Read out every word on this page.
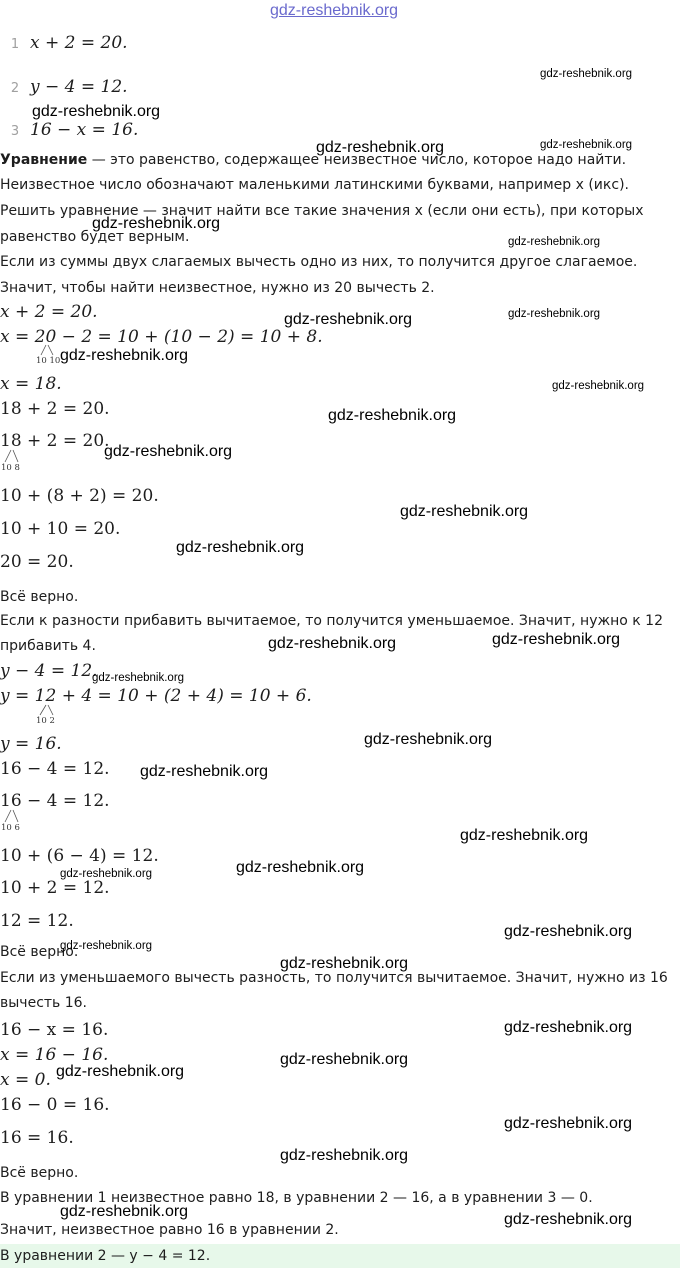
1 x + 2 = 20.
2 y − 4 = 12.
3 16 − x = 16.
Уравнение — это равенство, содержащее неизвестное число, которое надо найти.
Неизвестное число обозначают маленькими латинскими буквами, например x (икс).
Решить уравнение — значит найти все такие значения x (если они есть), при которых
равенство будет верным.
Если из суммы двух слагаемых вычесть одно из них, то получится другое слагаемое.
Значит, чтобы найти неизвестное, нужно из 20 вычесть 2.
x + 2 = 20.
x = 20 − 2 = 10 + (10 − 2) = 10 + 8.
10 10
x = 18.
18 + 2 = 20.
18 + 2 = 20.
10 8
10 + (8 + 2) = 20.
10 + 10 = 20.
20 = 20.
Всё верно.
Если к разности прибавить вычитаемое, то получится уменьшаемое. Значит, нужно к 12
прибавить 4.
y − 4 = 12.
y = 12 + 4 = 10 + (2 + 4) = 10 + 6.
10 2
y = 16.
16 − 4 = 12.
16 − 4 = 12.
10 6
10 + (6 − 4) = 12.
10 + 2 = 12.
12 = 12.
Всё верно.
Если из уменьшаемого вычесть разность, то получится вычитаемое. Значит, нужно из 16
вычесть 16.
16 − x = 16.
x = 16 − 16.
x = 0.
16 − 0 = 16.
16 = 16.
Всё верно.
В уравнении 1 неизвестное равно 18, в уравнении 2 — 16, а в уравнении 3 — 0.
Значит, неизвестное равно 16 в уравнении 2.
В уравнении 2 — y − 4 = 12.
gdz-reshebnik.org
gdz-reshebnik.org
gdz-reshebnik.org
gdz-reshebnik.org	gdz-reshebnik.org
gdz-reshebnik.org
gdz-reshebnik.org
gdz-reshebnik.org
gdz-reshebnik.org
gdz-reshebnik.org
gdz-reshebnik.org
gdz-reshebnik.org
gdz-reshebnik.org
gdz-reshebnik.org
gdz-reshebnik.org
gdz-reshebnik.org	gdz-reshebnik.org
gdz-reshebnik.org
gdz-reshebnik.org
gdz-reshebnik.org
gdz-reshebnik.org
gdz-reshebnik.org
gdz-reshebnik.org
gdz-reshebnik.org
gdz-reshebnik.org
gdz-reshebnik.org
gdz-reshebnik.org
gdz-reshebnik.org
gdz-reshebnik.org
gdz-reshebnik.org
gdz-reshebnik.org
gdz-reshebnik.org	gdz-reshebnik.org
